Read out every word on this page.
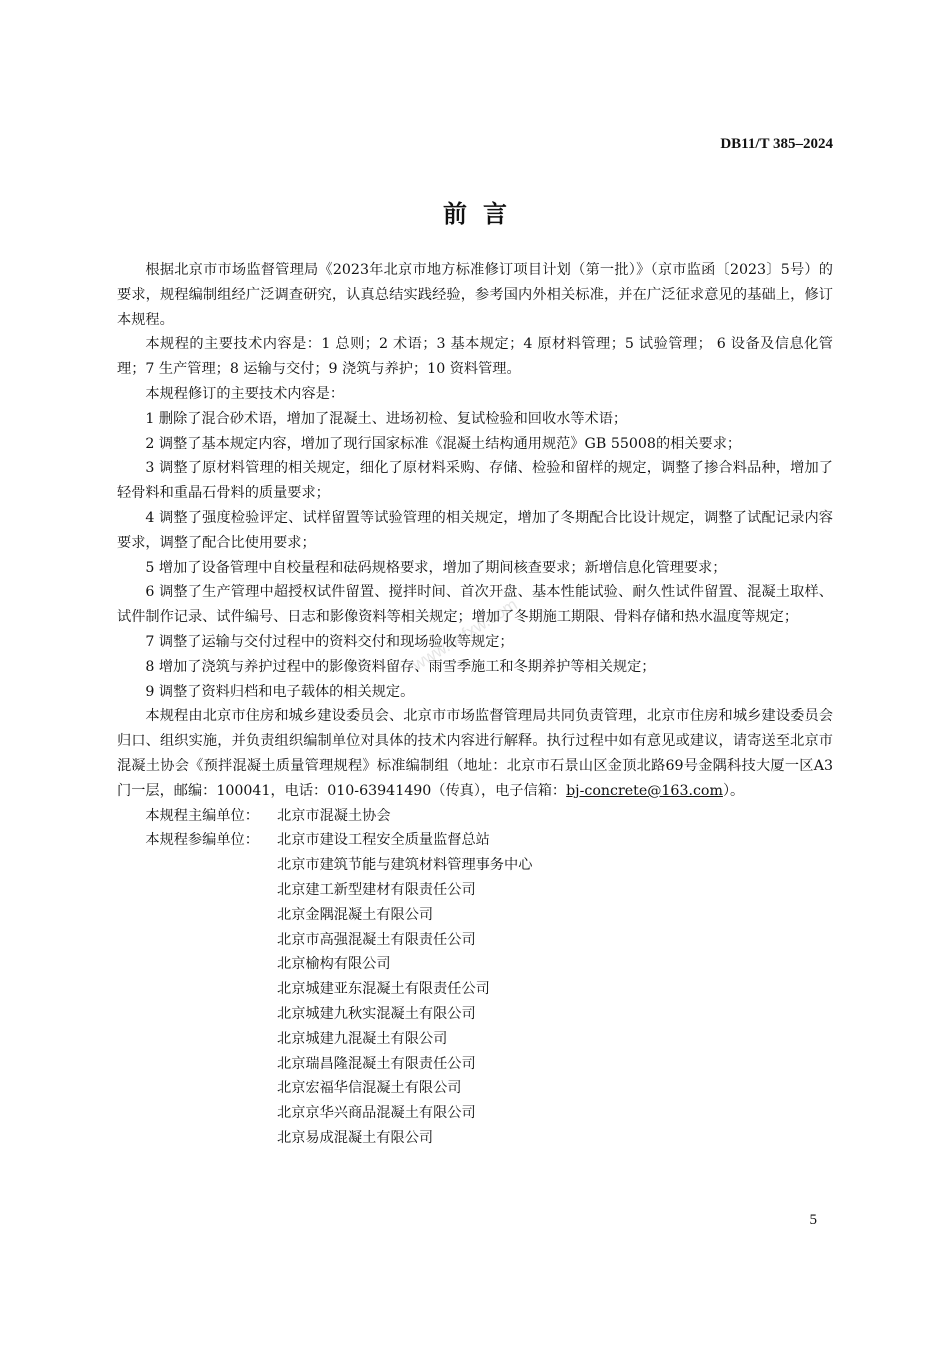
DB11/T 385–2024
前言

根据北京市市场监督管理局《2023年北京市地方标准修订项目计划（第一批）》（京市监函〔2023〕5号）的要求，规程编制组经广泛调查研究，认真总结实践经验，参考国内外相关标准，并在广泛征求意见的基础上，修订本规程。

本规程的主要技术内容是：1 总则；2 术语；3 基本规定；4 原材料管理；5 试验管理； 6 设备及信息化管理；7 生产管理；8 运输与交付；9 浇筑与养护；10 资料管理。

本规程修订的主要技术内容是：

1 删除了混合砂术语，增加了混凝土、进场初检、复试检验和回收水等术语；

2 调整了基本规定内容，增加了现行国家标准《混凝土结构通用规范》GB 55008的相关要求；

3 调整了原材料管理的相关规定，细化了原材料采购、存储、检验和留样的规定，调整了掺合料品种，增加了轻骨料和重晶石骨料的质量要求；

4 调整了强度检验评定、试样留置等试验管理的相关规定，增加了冬期配合比设计规定，调整了试配记录内容要求，调整了配合比使用要求；

5 增加了设备管理中自校量程和砝码规格要求，增加了期间核查要求；新增信息化管理要求；

6 调整了生产管理中超授权试件留置、搅拌时间、首次开盘、基本性能试验、耐久性试件留置、混凝土取样、试件制作记录、试件编号、日志和影像资料等相关规定；增加了冬期施工期限、骨料存储和热水温度等规定；

7 调整了运输与交付过程中的资料交付和现场验收等规定；

8 增加了浇筑与养护过程中的影像资料留存、雨雪季施工和冬期养护等相关规定；

9 调整了资料归档和电子载体的相关规定。

本规程由北京市住房和城乡建设委员会、北京市市场监督管理局共同负责管理，北京市住房和城乡建设委员会归口、组织实施，并负责组织编制单位对具体的技术内容进行解释。执行过程中如有意见或建议，请寄送至北京市混凝土协会《预拌混凝土质量管理规程》标准编制组（地址：北京市石景山区金顶北路69号金隅科技大厦一区A3门一层，邮编：100041，电话：010-63941490（传真），电子信箱：bj-concrete@163.com）。

本规程主编单位：	北京市混凝土协会
本规程参编单位：	北京市建设工程安全质量监督总站
北京市建筑节能与建筑材料管理事务中心
北京建工新型建材有限责任公司
北京金隅混凝土有限公司
北京市高强混凝土有限责任公司
北京榆构有限公司
北京城建亚东混凝土有限责任公司
北京城建九秋实混凝土有限公司
北京城建九混凝土有限公司
北京瑞昌隆混凝土有限责任公司
北京宏福华信混凝土有限公司
北京京华兴商品混凝土有限公司
北京易成混凝土有限公司
www.bzfxw.com
5
